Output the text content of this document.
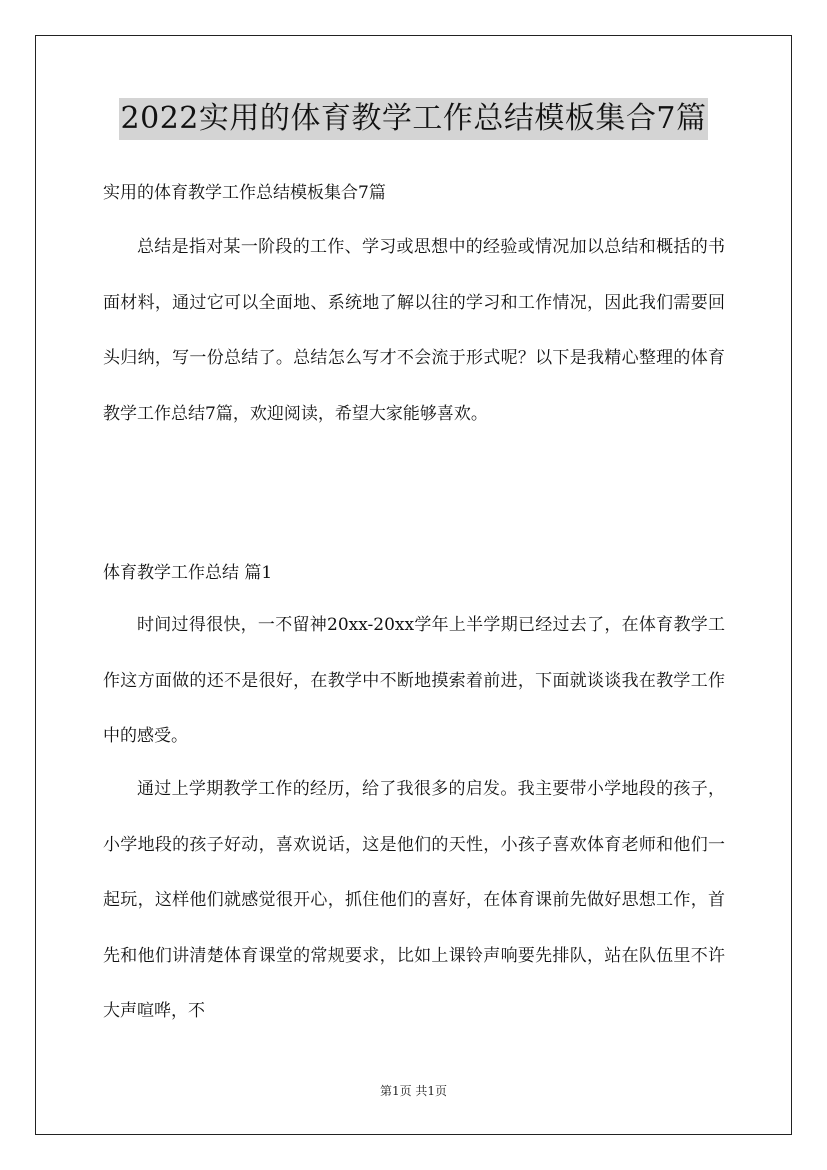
2022实用的体育教学工作总结模板集合7篇
实用的体育教学工作总结模板集合7篇

总结是指对某一阶段的工作、学习或思想中的经验或情况加以总结和概括的书面材料，通过它可以全面地、系统地了解以往的学习和工作情况，因此我们需要回头归纳，写一份总结了。总结怎么写才不会流于形式呢？以下是我精心整理的体育教学工作总结7篇，欢迎阅读，希望大家能够喜欢。

体育教学工作总结 篇1

时间过得很快，一不留神20xx-20xx学年上半学期已经过去了，在体育教学工作这方面做的还不是很好，在教学中不断地摸索着前进，下面就谈谈我在教学工作中的感受。

通过上学期教学工作的经历，给了我很多的启发。我主要带小学地段的孩子，小学地段的孩子好动，喜欢说话，这是他们的天性，小孩子喜欢体育老师和他们一起玩，这样他们就感觉很开心，抓住他们的喜好，在体育课前先做好思想工作，首先和他们讲清楚体育课堂的常规要求，比如上课铃声响要先排队，站在队伍里不许大声喧哗，不

第1页 共1页
